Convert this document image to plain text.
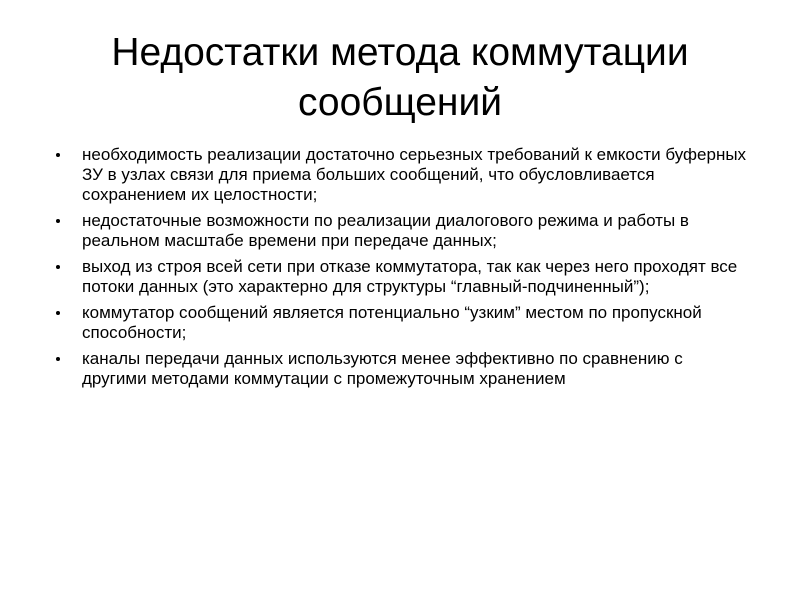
Недостатки метода коммутации сообщений
необходимость реализации достаточно серьезных требований к емкости буферных ЗУ в узлах связи для приема больших сообщений, что обусловливается сохранением их целостности;
недостаточные возможности по реализации диалогового режима и работы в реальном масштабе времени при передаче данных;
выход из строя всей сети при отказе коммутатора, так как через него проходят все потоки данных (это характерно для структуры “главный-подчиненный”);
коммутатор сообщений является потенциально “узким” местом по пропускной способности;
каналы передачи данных используются менее эффективно по сравнению с другими методами коммутации с промежуточным хранением
